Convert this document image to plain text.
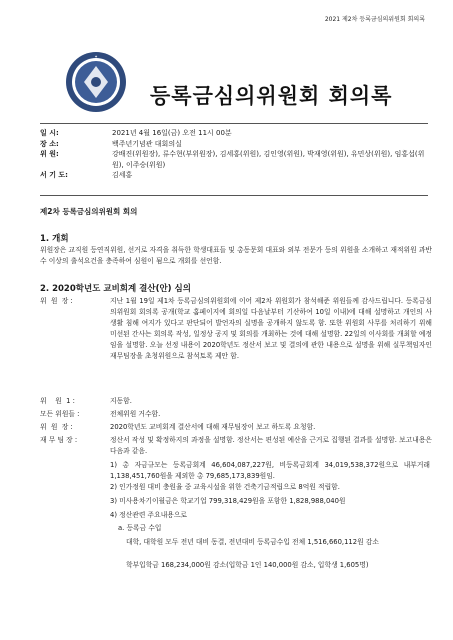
2021 제2차 등록금심의위원회 회의록
✦
등록금심의위원회 회의록
일 시:	2021년 4월 16일(금) 오전 11시 00분
장 소:	백주년기념관 대회의실
위 원:	강배진(위원장), 류수현(부위원장), 김세홍(위원), 김인영(위원), 박재영(위원), 유민상(위원), 임홍섭(위원), 이주승(위원)
서 기 도:	김세홍
제2차 등록금심의위원회 회의
1. 개회
위원장은 교직원 등연직위원, 선거로 자격을 취득한 학생대표들 및 총동문회 대표와 외부 전문가 등의 위원을 소개하고 재적위원 과반수 이상의 출석요건을 충족하여 심원이 됨으로 개회를 선언함.
2. 2020학년도 교비회계 결산(안) 심의
위  원  장 :	지난 1월 19일 제1차 등록금심의위원회에 이어 제2차 위원회가 참석해준 위원들께 감사드립니다. 등록금심의위원회 회의록 공개(학교 홈페이지에 회의일 다음날부터 기산하여 10일 이내)에 대해 설명하고 개인의 사생활 침해 여지가 있다고 판단되어 발언자의 실명을 공개하지 않도록 함. 또한 위원회 사무를 처리하기 위해 미선된 간사는 회의록 작성, 일정상 공지 및 회의를 개최하는 것에 대해 설명함. 22일의 이사회를 개최할 예정임을 설명함. 오늘 선정 내용이 2020학년도 정산서 보고 및 결의에 관한 내용으로 설명을 위해 실무책임자인 재무팀장을 초청위원으로 참석토록 제안 함.
위    원  1 :	지동함.
모든 위원들 :	전체위원 거수함.
위  원  장 :	2020학년도 교비회계 결산서에 대해 재무팀장이 보고 하도록 요청함.
재 무 팀 장 :	정산서 작성 및 확정하지의 과정을 설명함. 정산서는 편성된 예산을 근거로 집행된 결과를 설명함. 보고내용은 다음과 같음.
1) 총 자금규모는 등록금회계 46,604,087,227원, 비등록금회계 34,019,538,372원으로 내부거래 1,138,451,760원을 제외한 총 79,685,173,839원임.
2) 인가정원 대비 충원율 중 교육시설을 위한 건축기금적립으로 8억원 적립함.
3) 미사용차기이월금은 학교기업 799,318,429원을 포함한 1,828,988,040원
4) 정산관련 주요내용으로
a. 등록금 수입
대학, 대학원 모두 전년 대비 동결, 전년대비 등록금수입 전체 1,516,660,112원 감소
학부입학금 168,234,000원 감소(입학금 1인 140,000원 감소, 입학생 1,605명)
